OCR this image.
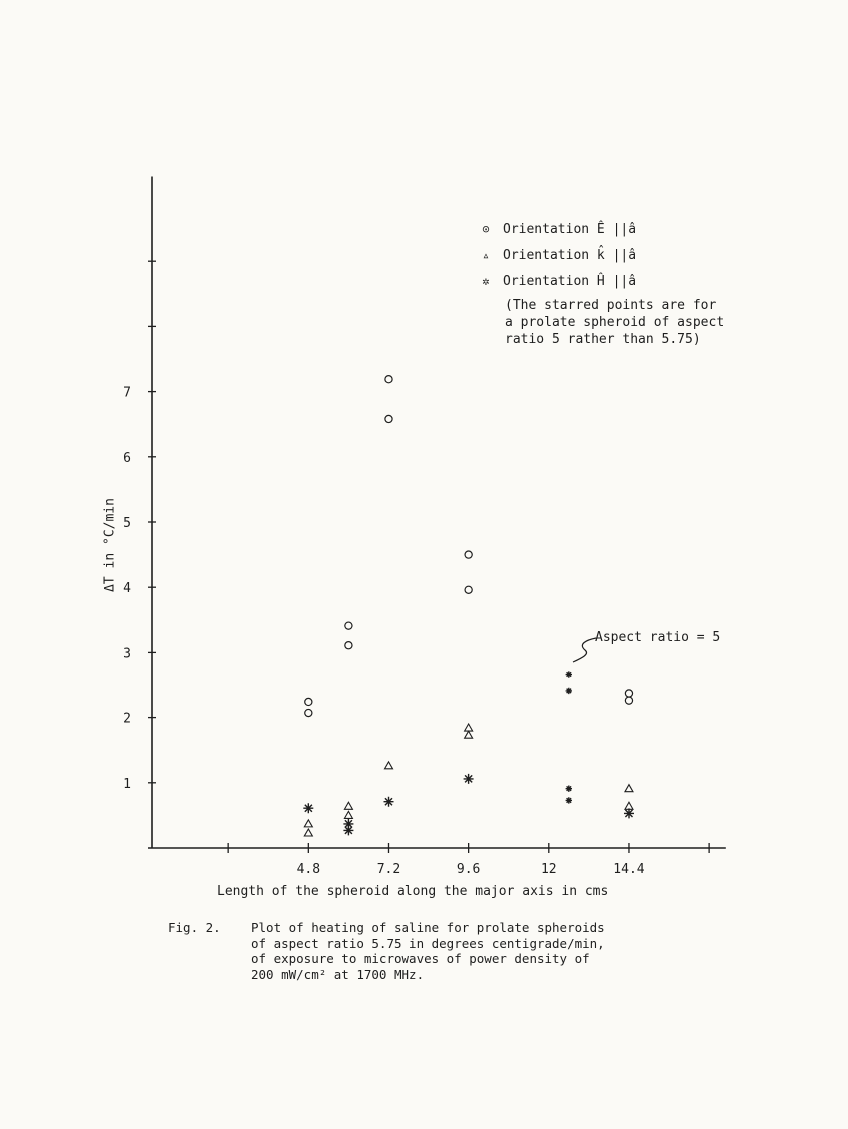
1
2
3
4
5
6
7
4.8	7.2	9.6	12	14.4
ΔT in °C/min
Length of the spheroid along the major axis in cms
Aspect ratio = 5
⊙	Orientation Ê ||â
▵	Orientation k̂ ||â
✲	Orientation Ĥ ||â
(The starred points are for
a prolate spheroid of aspect
ratio 5 rather than 5.75)
Fig. 2. Plot of heating of saline for prolate spheroids
of aspect ratio 5.75 in degrees centigrade/min,
of exposure to microwaves of power density of
200 mW/cm² at 1700 MHz.
